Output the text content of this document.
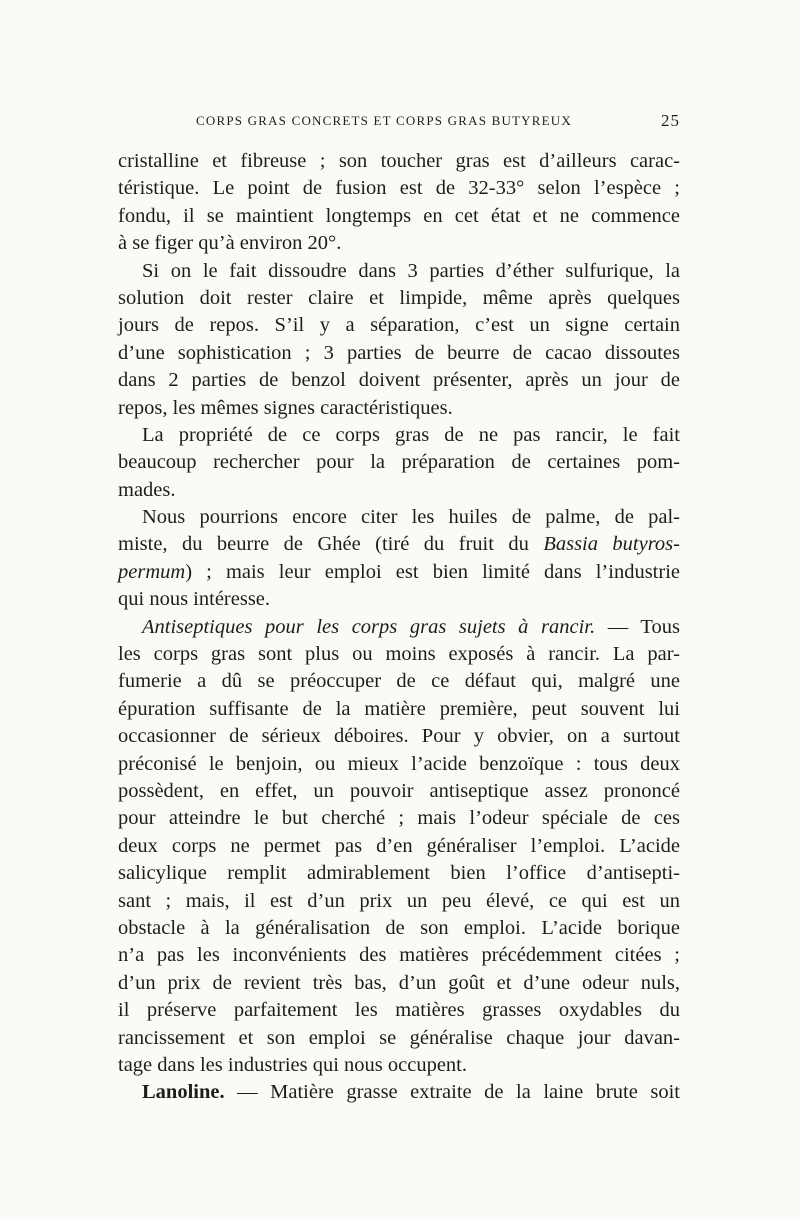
CORPS GRAS CONCRETS ET CORPS GRAS BUTYREUX	25
cristalline et fibreuse ; son toucher gras est d’ailleurs carac-
téristique. Le point de fusion est de 32-33° selon l’espèce ;
fondu, il se maintient longtemps en cet état et ne commence
à se figer qu’à environ 20°.
Si on le fait dissoudre dans 3 parties d’éther sulfurique, la
solution doit rester claire et limpide, même après quelques
jours de repos. S’il y a séparation, c’est un signe certain
d’une sophistication ; 3 parties de beurre de cacao dissoutes
dans 2 parties de benzol doivent présenter, après un jour de
repos, les mêmes signes caractéristiques.
La propriété de ce corps gras de ne pas rancir, le fait
beaucoup rechercher pour la préparation de certaines pom-
mades.
Nous pourrions encore citer les huiles de palme, de pal-
miste, du beurre de Ghée (tiré du fruit du Bassia butyros-
permum) ; mais leur emploi est bien limité dans l’industrie
qui nous intéresse.
Antiseptiques pour les corps gras sujets à rancir. — Tous
les corps gras sont plus ou moins exposés à rancir. La par-
fumerie a dû se préoccuper de ce défaut qui, malgré une
épuration suffisante de la matière première, peut souvent lui
occasionner de sérieux déboires. Pour y obvier, on a surtout
préconisé le benjoin, ou mieux l’acide benzoïque : tous deux
possèdent, en effet, un pouvoir antiseptique assez prononcé
pour atteindre le but cherché ; mais l’odeur spéciale de ces
deux corps ne permet pas d’en généraliser l’emploi. L’acide
salicylique remplit admirablement bien l’office d’antisepti-
sant ; mais, il est d’un prix un peu élevé, ce qui est un
obstacle à la généralisation de son emploi. L’acide borique
n’a pas les inconvénients des matières précédemment citées ;
d’un prix de revient très bas, d’un goût et d’une odeur nuls,
il préserve parfaitement les matières grasses oxydables du
rancissement et son emploi se généralise chaque jour davan-
tage dans les industries qui nous occupent.
Lanoline. — Matière grasse extraite de la laine brute soit
